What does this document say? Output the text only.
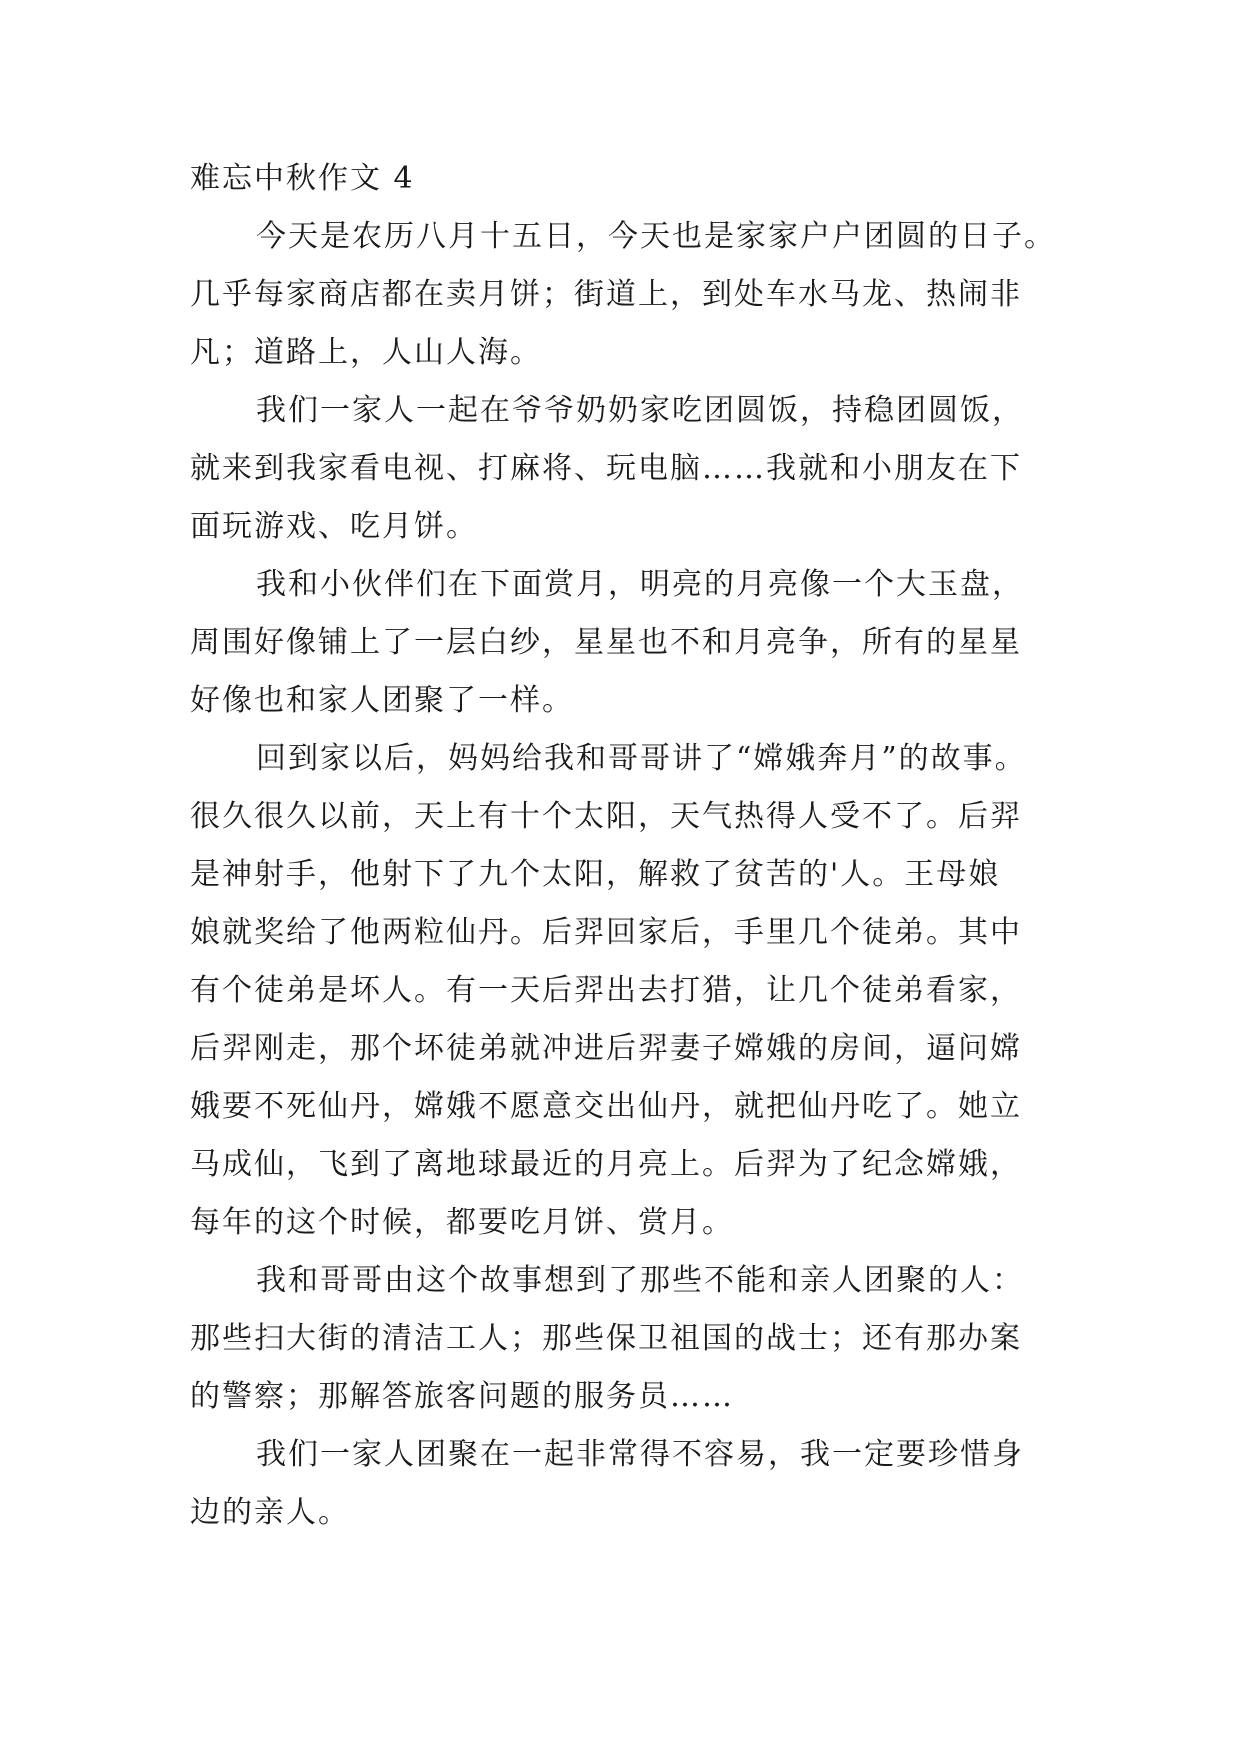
难忘中秋作文 4
今天是农历八月十五日，今天也是家家户户团圆的日子。
几乎每家商店都在卖月饼；街道上，到处车水马龙、热闹非
凡；道路上，人山人海。
我们一家人一起在爷爷奶奶家吃团圆饭，持稳团圆饭，
就来到我家看电视、打麻将、玩电脑……我就和小朋友在下
面玩游戏、吃月饼。
我和小伙伴们在下面赏月，明亮的月亮像一个大玉盘，
周围好像铺上了一层白纱，星星也不和月亮争，所有的星星
好像也和家人团聚了一样。
回到家以后，妈妈给我和哥哥讲了“嫦娥奔月”的故事。
很久很久以前，天上有十个太阳，天气热得人受不了。后羿
是神射手，他射下了九个太阳，解救了贫苦的'人。王母娘
娘就奖给了他两粒仙丹。后羿回家后，手里几个徒弟。其中
有个徒弟是坏人。有一天后羿出去打猎，让几个徒弟看家，
后羿刚走，那个坏徒弟就冲进后羿妻子嫦娥的房间，逼问嫦
娥要不死仙丹，嫦娥不愿意交出仙丹，就把仙丹吃了。她立
马成仙，飞到了离地球最近的月亮上。后羿为了纪念嫦娥，
每年的这个时候，都要吃月饼、赏月。
我和哥哥由这个故事想到了那些不能和亲人团聚的人：
那些扫大街的清洁工人；那些保卫祖国的战士；还有那办案
的警察；那解答旅客问题的服务员……
我们一家人团聚在一起非常得不容易，我一定要珍惜身
边的亲人。
